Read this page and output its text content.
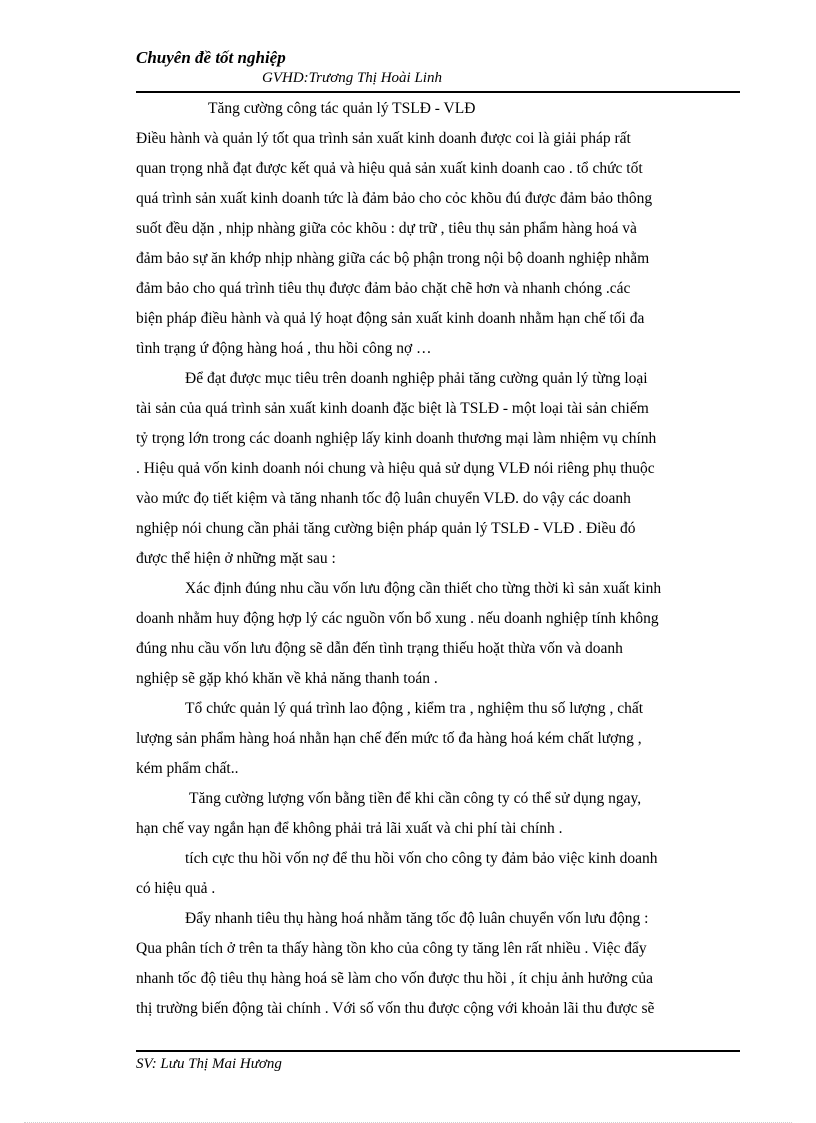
Chuyên đề tốt nghiệp
GVHD:Trương Thị Hoài Linh
Tăng cường công tác quản lý TSLĐ - VLĐ
Điều hành và quản lý tốt qua trình sản xuất kinh doanh được coi là giải pháp rất
quan trọng nhằ đạt được kết quả và hiệu quả sản xuất kinh doanh cao . tổ chức tốt
quá trình sản xuất kinh doanh tức là đảm bảo cho cỏc khõu đú được đảm bảo thông
suốt đều dặn , nhịp nhàng giữa cỏc khõu : dự trữ , tiêu thụ sản phẩm hàng hoá và
đảm bảo sự ăn khớp nhịp nhàng giữa các bộ phận trong nội bộ doanh nghiệp nhằm
đảm bảo cho quá trình tiêu thụ được đảm bảo chặt chẽ hơn và nhanh chóng .các
biện pháp điều hành và quả lý hoạt động sản xuất kinh doanh nhằm hạn chế tối đa
tình trạng ứ động hàng hoá , thu hồi công nợ …
Để đạt được mục tiêu trên doanh nghiệp phải tăng cường quản lý từng loại
tài sản của quá trình sản xuất kinh doanh đặc biệt là TSLĐ - một loại tài sản chiếm
tỷ trọng lớn trong các doanh nghiệp lấy kinh doanh thương mại làm nhiệm vụ chính
. Hiệu quả vốn kinh doanh nói chung và hiệu quả sử dụng VLĐ nói riêng phụ thuộc
vào mức đọ tiết kiệm và tăng nhanh tốc độ luân chuyển VLĐ. do vậy các doanh
nghiệp nói chung cần phải tăng cường biện pháp quản lý TSLĐ - VLĐ . Điều đó
được thể hiện ở những mặt sau :
Xác định đúng nhu cầu vốn lưu động cần thiết cho từng thời kì sản xuất kinh
doanh nhằm huy động hợp lý các nguồn vốn bổ xung . nếu doanh nghiệp tính không
đúng nhu cầu vốn lưu động sẽ dẫn đến tình trạng thiếu hoặt thừa vốn và doanh
nghiệp sẽ gặp khó khăn về khả năng thanh toán .
Tổ chức quản lý quá trình lao động , kiểm tra , nghiệm thu số lượng , chất
lượng sản phẩm hàng hoá nhằn hạn chế đến mức tố đa hàng hoá kém chất lượng ,
kém phẩm chất..
Tăng cường lượng vốn bằng tiền để khi cần công ty có thể sử dụng ngay,
hạn chế vay ngắn hạn để không phải trả lãi xuất và chi phí tài chính .
tích cực thu hồi vốn nợ để thu hồi vốn cho công ty đảm bảo việc kinh doanh
có hiệu quả .
Đẩy nhanh tiêu thụ hàng hoá nhằm tăng tốc độ luân chuyển vốn lưu động :
Qua phân tích ở trên ta thấy hàng tồn kho của công ty tăng lên rất nhiều . Việc đẩy
nhanh tốc độ tiêu thụ hàng hoá sẽ làm cho vốn được thu hồi , ít chịu ảnh hưởng của
thị trường biến động tài chính . Với số vốn thu được cộng với khoản lãi thu được sẽ
SV: Lưu Thị Mai Hương
